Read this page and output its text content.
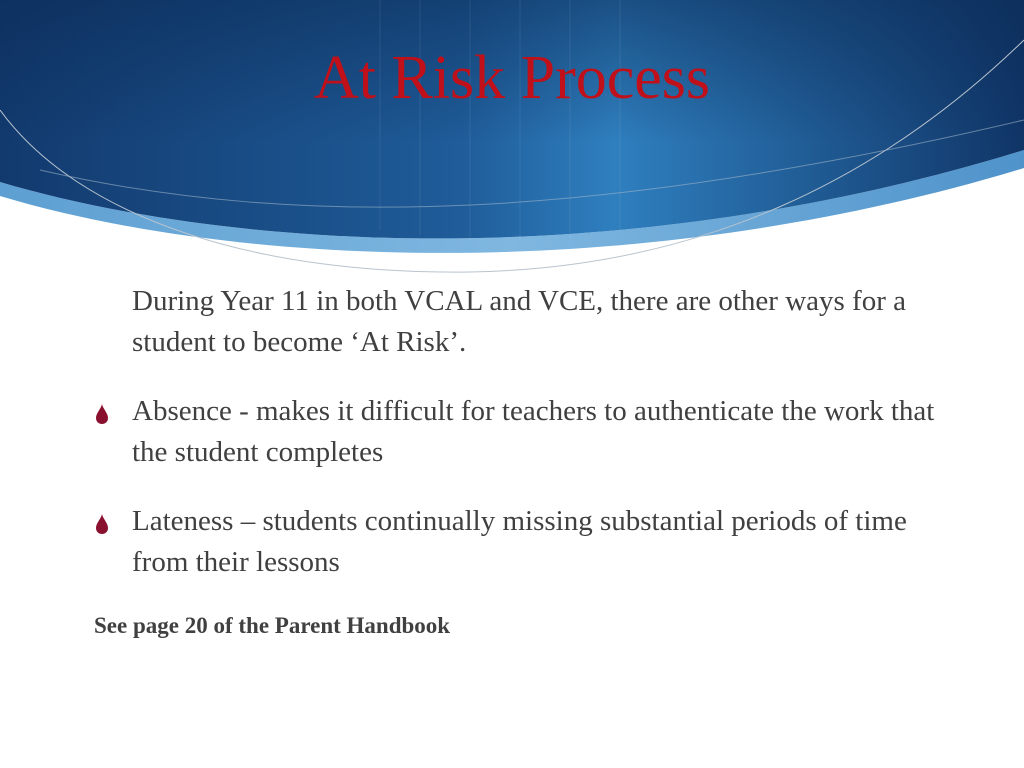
At Risk Process

During Year 11 in both VCAL and VCE, there are other ways for a student to become ‘At Risk’.

Absence - makes it difficult for teachers to authenticate the work that the student completes

Lateness – students continually missing substantial periods of time from their lessons

See page 20 of the Parent Handbook
